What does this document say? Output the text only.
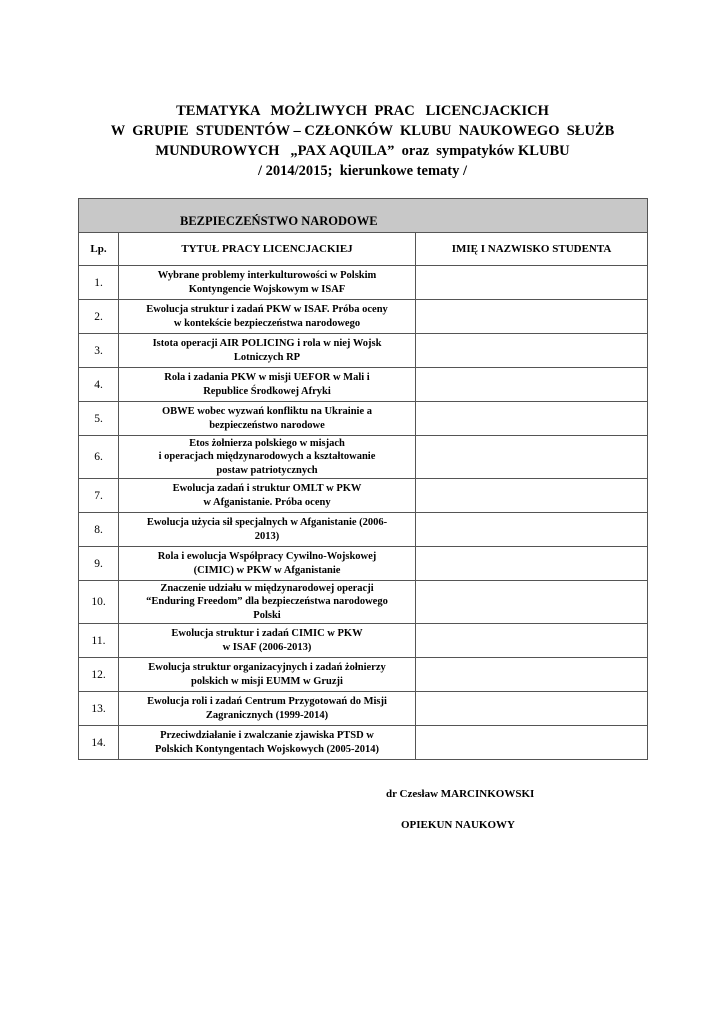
TEMATYKA   MOŻLIWYCH  PRAC   LICENCJACKICH
W  GRUPIE  STUDENTÓW – CZŁONKÓW  KLUBU  NAUKOWEGO  SŁUŻB
MUNDUROWYCH   „PAX AQUILA”  oraz  sympatyków KLUBU
/ 2014/2015;  kierunkowe tematy /
BEZPIECZEŃSTWO NARODOWE		

Lp.	TYTUŁ PRACY LICENCJACKIEJ	IMIĘ I NAZWISKO STUDENTA
1.	Wybrane problemy interkulturowości w Polskim
Kontyngencie Wojskowym w ISAF	

2.	Ewolucja struktur i zadań PKW w ISAF. Próba oceny
w kontekście bezpieczeństwa narodowego	

3.	Istota operacji AIR POLICING i rola w niej Wojsk
Lotniczych RP	

4.	Rola i zadania PKW w misji UEFOR w Mali i
Republice Środkowej Afryki	

5.	OBWE wobec wyzwań konfliktu na Ukrainie a
bezpieczeństwo narodowe	

6.	Etos żołnierza polskiego w misjach
i operacjach międzynarodowych a kształtowanie
postaw patriotycznych	

7.	Ewolucja zadań i struktur OMLT w PKW
w Afganistanie. Próba oceny	

8.	Ewolucja użycia sił specjalnych w Afganistanie (2006-
2013)	

9.	Rola i ewolucja Współpracy Cywilno-Wojskowej
(CIMIC) w PKW w Afganistanie	

10.	Znaczenie udziału w międzynarodowej operacji
“Enduring Freedom” dla bezpieczeństwa narodowego
Polski	

11.	Ewolucja struktur i zadań CIMIC w PKW
w ISAF (2006-2013)	

12.	Ewolucja struktur organizacyjnych i zadań żołnierzy
polskich w misji EUMM w Gruzji	

13.	Ewolucja roli i zadań Centrum Przygotowań do Misji
Zagranicznych (1999-2014)	

14.	Przeciwdziałanie i zwalczanie zjawiska PTSD w
Polskich Kontyngentach Wojskowych (2005-2014)	

dr Czesław MARCINKOWSKI
OPIEKUN NAUKOWY
